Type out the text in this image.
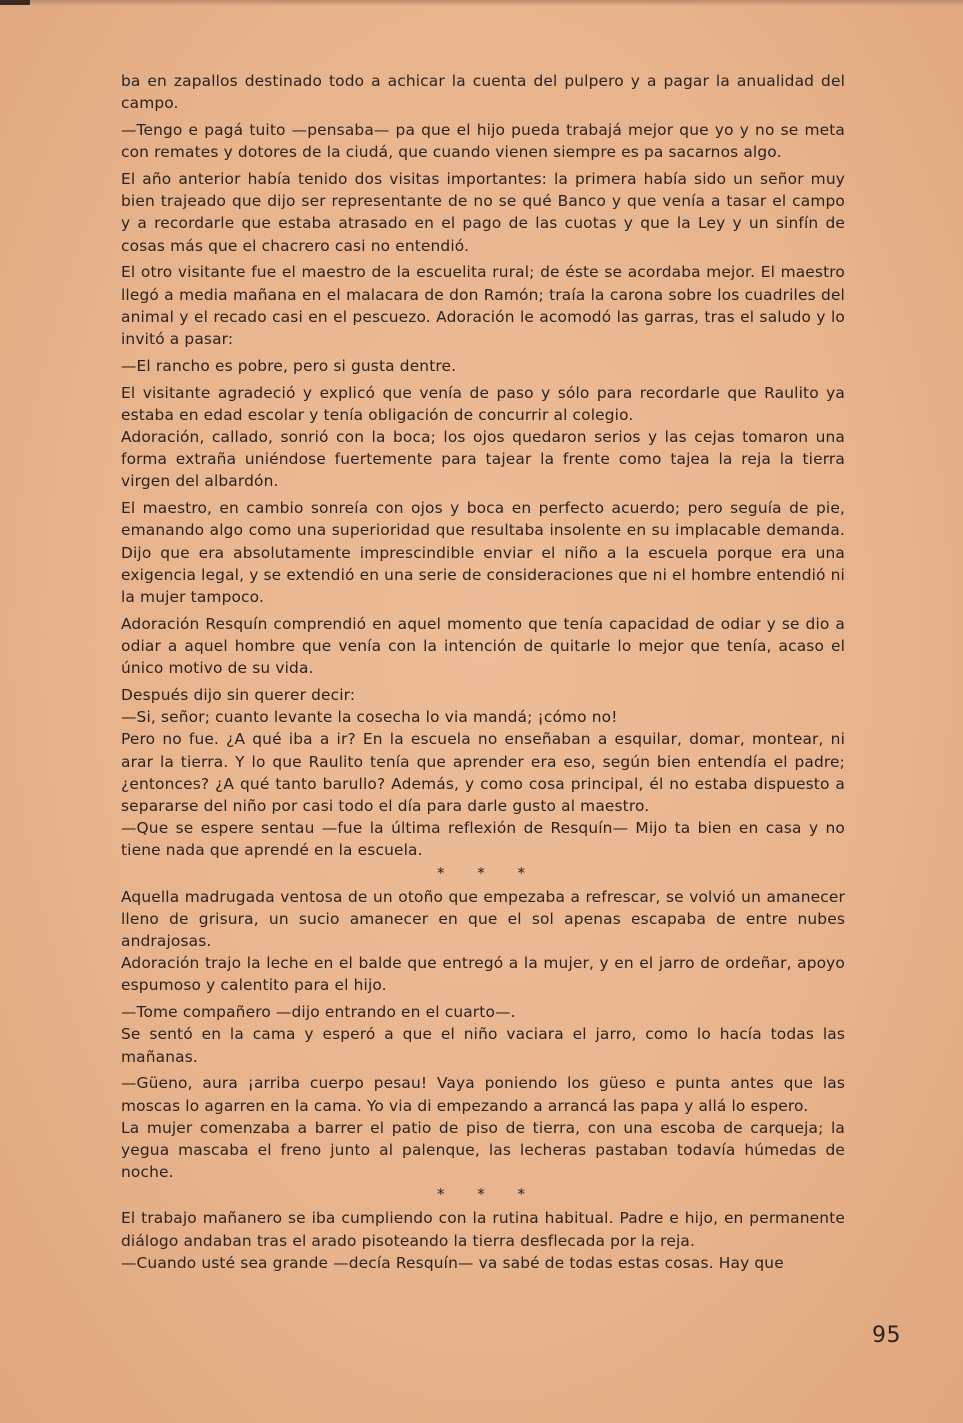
ba en zapallos destinado todo a achicar la cuenta del pulpero y a pagar la anualidad del campo.

—Tengo e pagá tuito —pensaba— pa que el hijo pueda trabajá mejor que yo y no se meta con remates y dotores de la ciudá, que cuando vienen siempre es pa sacarnos algo.

El año anterior había tenido dos visitas importantes: la primera había sido un señor muy bien trajeado que dijo ser representante de no se qué Banco y que venía a tasar el campo y a recordarle que estaba atrasado en el pago de las cuotas y que la Ley y un sinfín de cosas más que el chacrero casi no entendió.

El otro visitante fue el maestro de la escuelita rural; de éste se acordaba mejor. El maestro llegó a media mañana en el malacara de don Ramón; traía la carona sobre los cuadriles del animal y el recado casi en el pescuezo. Adoración le acomodó las garras, tras el saludo y lo invitó a pasar:

—El rancho es pobre, pero si gusta dentre.

El visitante agradeció y explicó que venía de paso y sólo para recordarle que Raulito ya estaba en edad escolar y tenía obligación de concurrir al colegio.

Adoración, callado, sonrió con la boca; los ojos quedaron serios y las cejas tomaron una forma extraña uniéndose fuertemente para tajear la frente como tajea la reja la tierra virgen del albardón.

El maestro, en cambio sonreía con ojos y boca en perfecto acuerdo; pero seguía de pie, emanando algo como una superioridad que resultaba insolente en su implacable demanda. Dijo que era absolutamente imprescindible enviar el niño a la escuela porque era una exigencia legal, y se extendió en una serie de consideraciones que ni el hombre entendió ni la mujer tampoco.

Adoración Resquín comprendió en aquel momento que tenía capacidad de odiar y se dio a odiar a aquel hombre que venía con la intención de quitarle lo mejor que tenía, acaso el único motivo de su vida.

Después dijo sin querer decir:

—Si, señor; cuanto levante la cosecha lo via mandá; ¡cómo no!

Pero no fue. ¿A qué iba a ir? En la escuela no enseñaban a esquilar, domar, montear, ni arar la tierra. Y lo que Raulito tenía que aprender era eso, según bien entendía el padre; ¿entonces? ¿A qué tanto barullo? Además, y como cosa principal, él no estaba dispuesto a separarse del niño por casi todo el día para darle gusto al maestro.

—Que se espere sentau —fue la última reflexión de Resquín— Mijo ta bien en casa y no tiene nada que aprendé en la escuela.

* * *

Aquella madrugada ventosa de un otoño que empezaba a refrescar, se volvió un amanecer lleno de grisura, un sucio amanecer en que el sol apenas escapaba de entre nubes andrajosas.

Adoración trajo la leche en el balde que entregó a la mujer, y en el jarro de ordeñar, apoyo espumoso y calentito para el hijo.

—Tome compañero —dijo entrando en el cuarto—.

Se sentó en la cama y esperó a que el niño vaciara el jarro, como lo hacía todas las mañanas.

—Güeno, aura ¡arriba cuerpo pesau! Vaya poniendo los güeso e punta antes que las moscas lo agarren en la cama. Yo via di empezando a arrancá las papa y allá lo espero.

La mujer comenzaba a barrer el patio de piso de tierra, con una escoba de carqueja; la yegua mascaba el freno junto al palenque, las lecheras pastaban todavía húmedas de noche.

* * *

El trabajo mañanero se iba cumpliendo con la rutina habitual. Padre e hijo, en permanente diálogo andaban tras el arado pisoteando la tierra desflecada por la reja.

—Cuando usté sea grande —decía Resquín— va sabé de todas estas cosas. Hay que

95
